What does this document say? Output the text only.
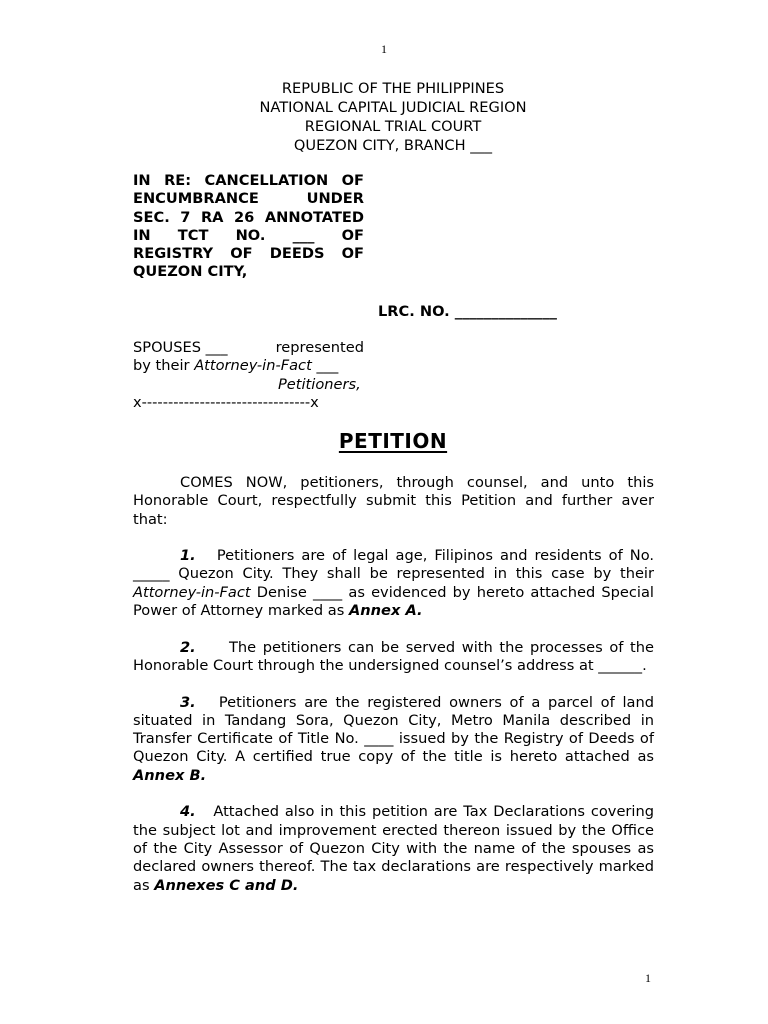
1
REPUBLIC OF THE PHILIPPINES
NATIONAL CAPITAL JUDICIAL REGION
REGIONAL TRIAL COURT
QUEZON CITY, BRANCH ___
IN RE: CANCELLATION OF
ENCUMBRANCE UNDER
SEC. 7 RA 26 ANNOTATED
IN TCT NO. ___ OF
REGISTRY OF DEEDS OF
QUEZON CITY,
LRC. NO. ______________
SPOUSES ___	represented
by their Attorney-in-Fact ___
Petitioners,
x--------------------------------x
PETITION

COMES NOW, petitioners, through counsel, and unto this Honorable Court, respectfully submit this Petition and further aver that:

1. Petitioners are of legal age, Filipinos and residents of No. _____ Quezon City. They shall be represented in this case by their Attorney-in-Fact Denise ____ as evidenced by hereto attached Special Power of Attorney marked as Annex A.

2. The petitioners can be served with the processes of the Honorable Court through the undersigned counsel’s address at ______.

3. Petitioners are the registered owners of a parcel of land situated in Tandang Sora, Quezon City, Metro Manila described in Transfer Certificate of Title No. ____ issued by the Registry of Deeds of Quezon City. A certified true copy of the title is hereto attached as Annex B.

4. Attached also in this petition are Tax Declarations covering the subject lot and improvement erected thereon issued by the Office of the City Assessor of Quezon City with the name of the spouses as declared owners thereof. The tax declarations are respectively marked as Annexes C and D.

1
